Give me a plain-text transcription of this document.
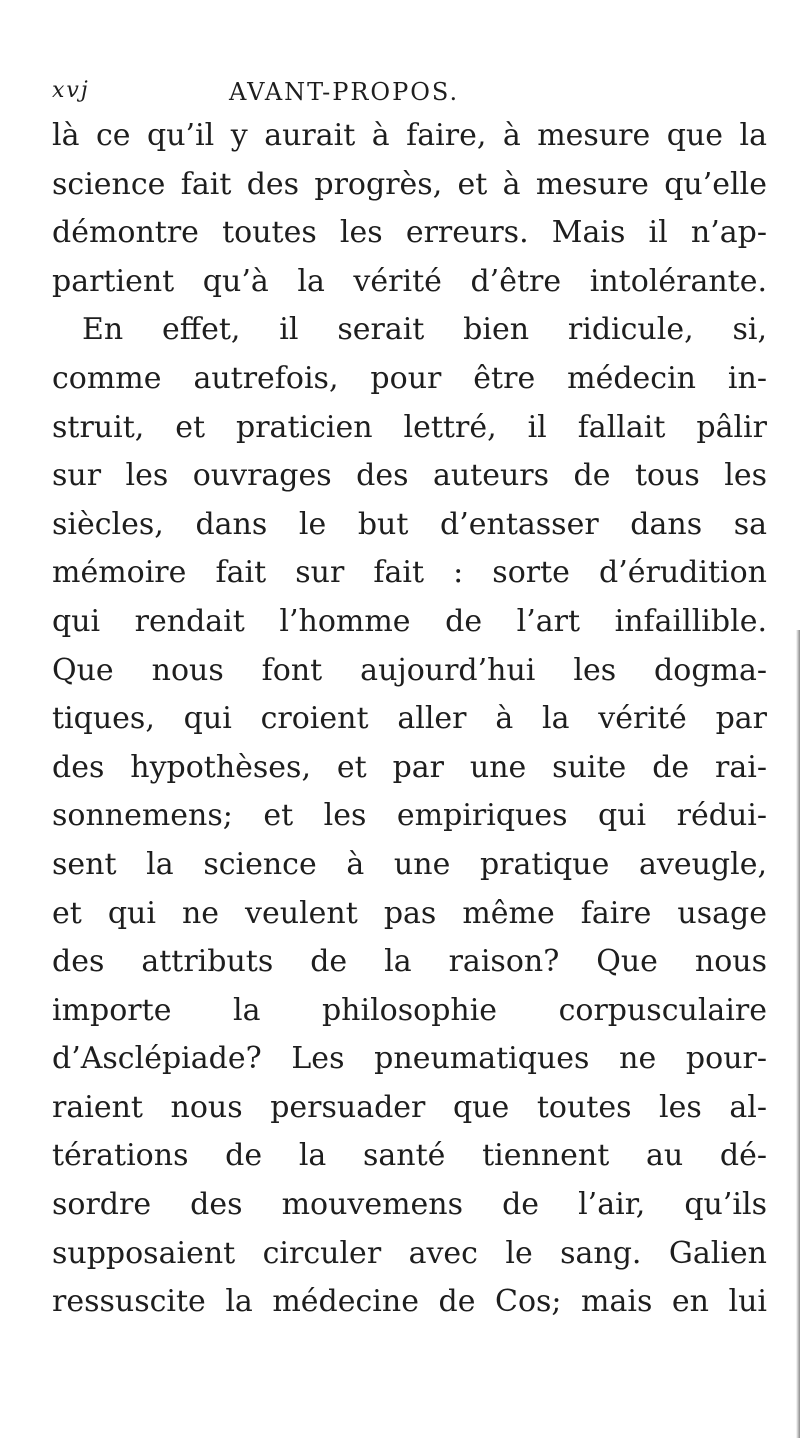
xvj	AVANT-PROPOS.
là ce qu’il y aurait à faire, à mesure que la
science fait des progrès, et à mesure qu’elle
démontre toutes les erreurs. Mais il n’ap-
partient qu’à la vérité d’être intolérante.
En effet, il serait bien ridicule, si,
comme autrefois, pour être médecin in-
struit, et praticien lettré, il fallait pâlir
sur les ouvrages des auteurs de tous les
siècles, dans le but d’entasser dans sa
mémoire fait sur fait : sorte d’érudition
qui rendait l’homme de l’art infaillible.
Que nous font aujourd’hui les dogma-
tiques, qui croient aller à la vérité par
des hypothèses, et par une suite de rai-
sonnemens; et les empiriques qui rédui-
sent la science à une pratique aveugle,
et qui ne veulent pas même faire usage
des attributs de la raison? Que nous
importe la philosophie corpusculaire
d’Asclépiade? Les pneumatiques ne pour-
raient nous persuader que toutes les al-
térations de la santé tiennent au dé-
sordre des mouvemens de l’air, qu’ils
supposaient circuler avec le sang. Galien
ressuscite la médecine de Cos; mais en lui
